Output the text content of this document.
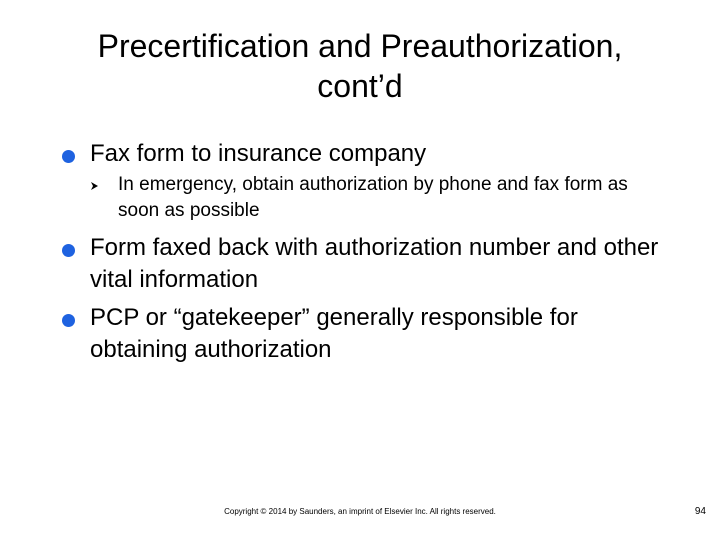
Precertification and Preauthorization,
cont’d
Fax form to insurance company
In emergency, obtain authorization by phone and fax form as soon as possible
Form faxed back with authorization number and other vital information
PCP or “gatekeeper” generally responsible for obtaining authorization
Copyright © 2014 by Saunders, an imprint of Elsevier Inc. All rights reserved.	94
